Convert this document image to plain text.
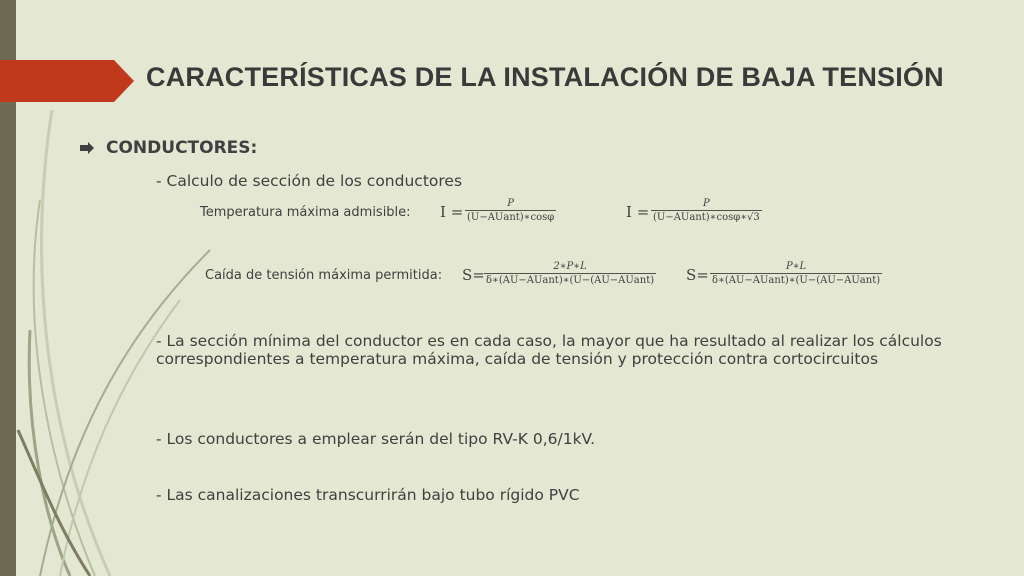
CARACTERÍSTICAS DE LA INSTALACIÓN DE BAJA TENSIÓN
CONDUCTORES:
- Calculo de sección de los conductores
Temperatura máxima admisible: I =	P
(U−AUant)∗cosφ	I =	P
(U−AUant)∗cosφ∗√3
Caída de tensión máxima permitida: S=	2∗P∗L
δ∗(AU−AUant)∗(U−(AU−AUant) S=	P∗L
δ∗(AU−AUant)∗(U−(AU−AUant)
- La sección mínima del conductor es en cada caso, la mayor que ha resultado al realizar los cálculos correspondientes a temperatura máxima, caída de tensión y protección contra cortocircuitos
- Los conductores a emplear serán del tipo RV-K 0,6/1kV.
- Las canalizaciones transcurrirán bajo tubo rígido PVC
